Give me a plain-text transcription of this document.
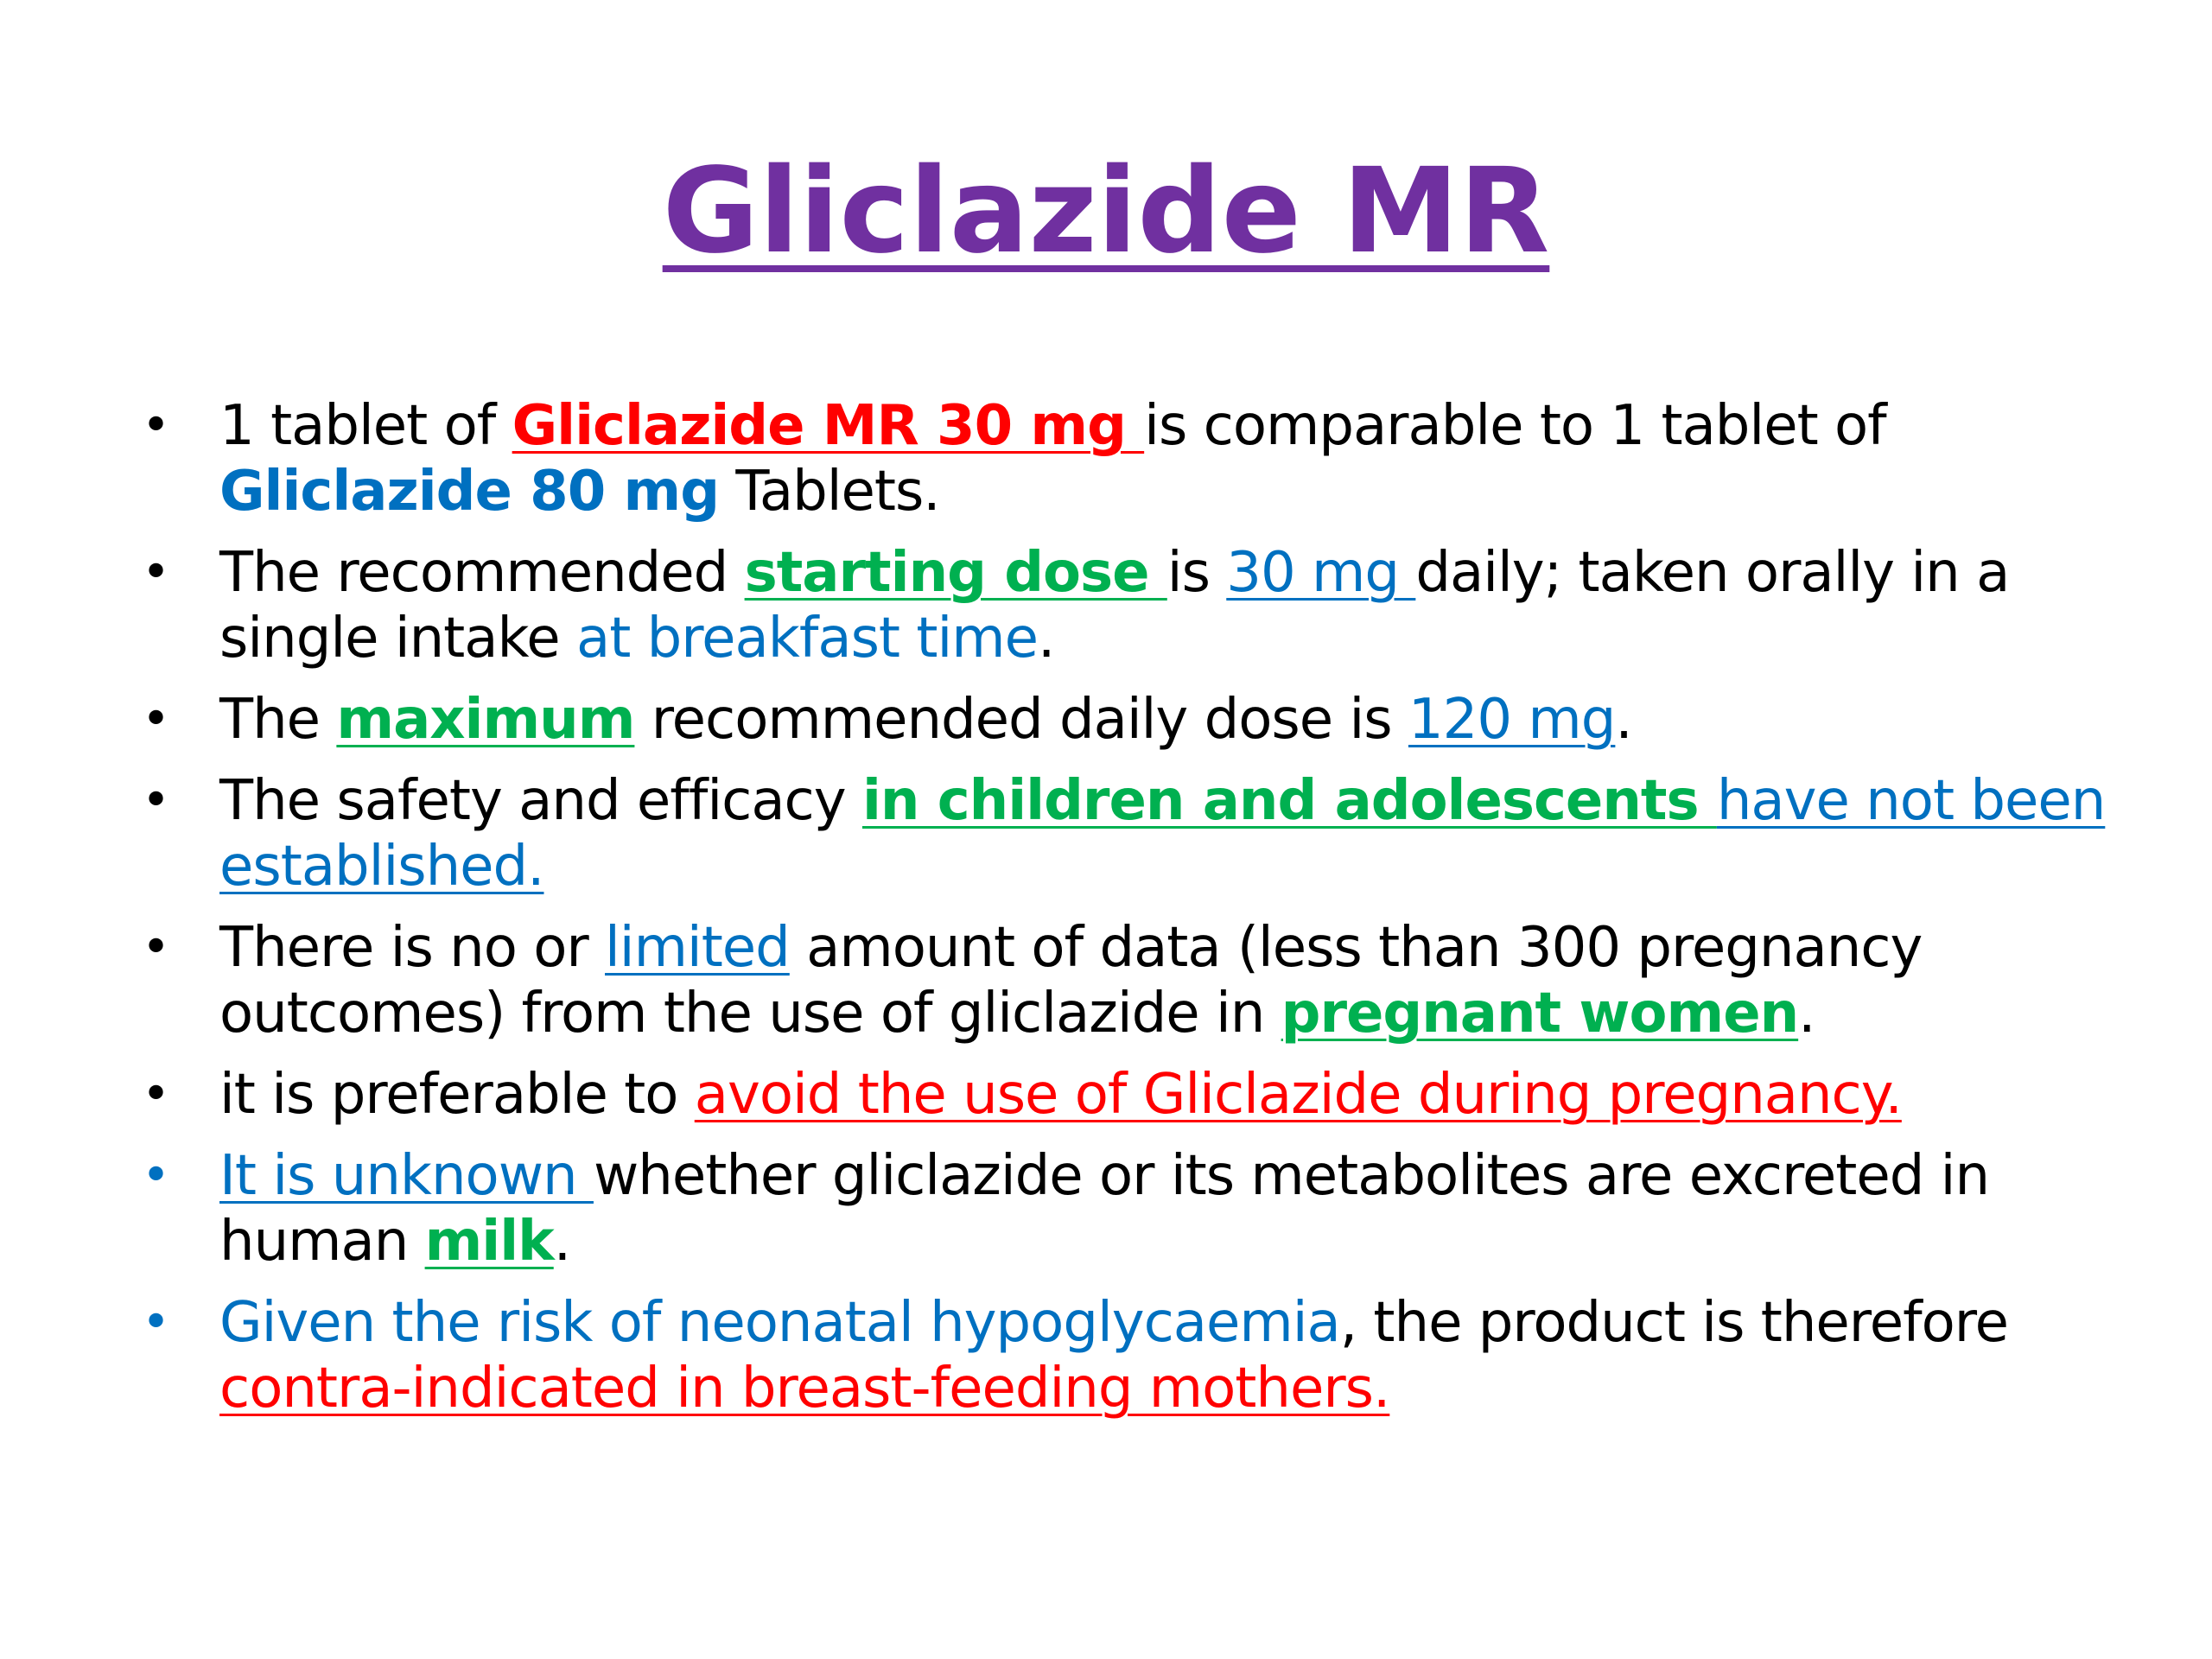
Gliclazide MR
• 1 tablet of Gliclazide MR 30 mg is comparable to 1 tablet of Gliclazide 80 mg Tablets.
• The recommended starting dose is 30 mg daily; taken orally in a single intake at breakfast time.
• The maximum recommended daily dose is 120 mg.
• The safety and efficacy in children and adolescents have not been established.
• There is no or limited amount of data (less than 300 pregnancy outcomes) from the use of gliclazide in pregnant women.
• it is preferable to avoid the use of Gliclazide during pregnancy.
• It is unknown whether gliclazide or its metabolites are excreted in human milk.
• Given the risk of neonatal hypoglycaemia, the product is therefore contra-indicated in breast-feeding mothers.
